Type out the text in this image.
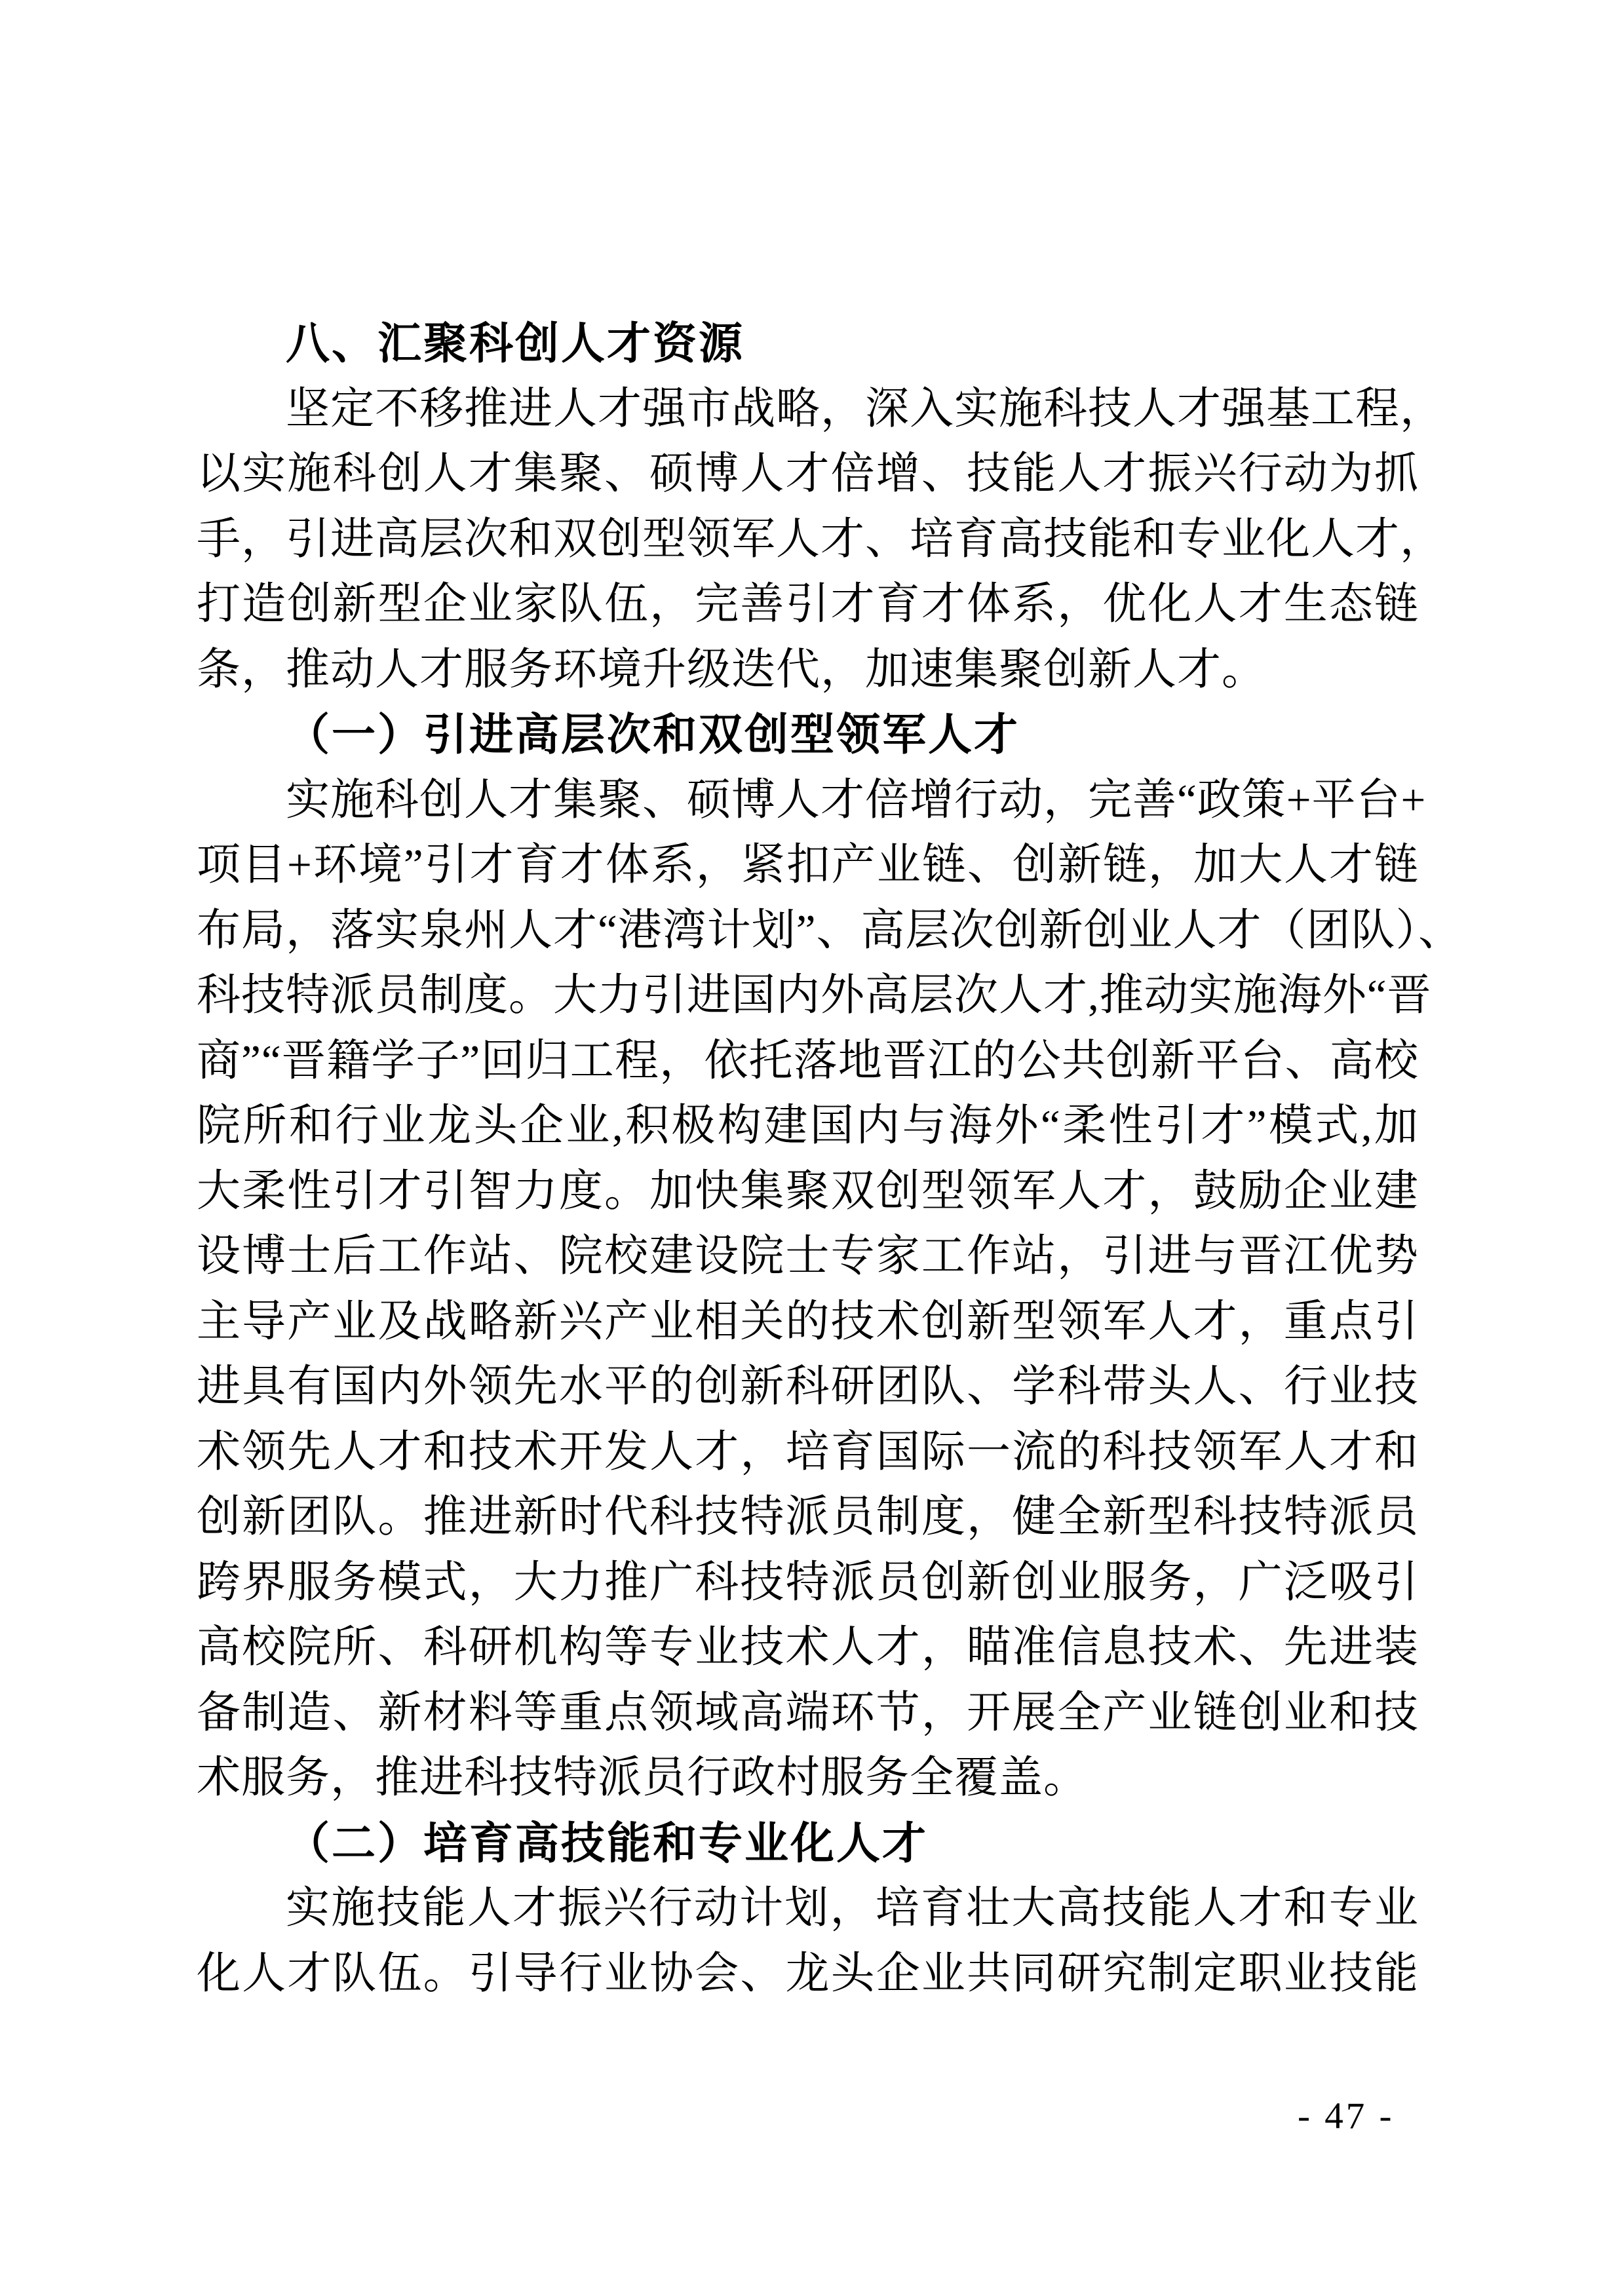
八、汇聚科创人才资源
坚定不移推进人才强市战略，深入实施科技人才强基工程，
以实施科创人才集聚、硕博人才倍增、技能人才振兴行动为抓
手，引进高层次和双创型领军人才、培育高技能和专业化人才，
打造创新型企业家队伍，完善引才育才体系，优化人才生态链
条，推动人才服务环境升级迭代，加速集聚创新人才。
（一）引进高层次和双创型领军人才
实施科创人才集聚、硕博人才倍增行动，完善“政策+平台+
项目+环境”引才育才体系，紧扣产业链、创新链，加大人才链
布局，落实泉州人才“港湾计划”、高层次创新创业人才（团队）、
科技特派员制度。大力引进国内外高层次人才,推动实施海外“晋
商”“晋籍学子”回归工程，依托落地晋江的公共创新平台、高校
院所和行业龙头企业,积极构建国内与海外“柔性引才”模式,加
大柔性引才引智力度。加快集聚双创型领军人才，鼓励企业建
设博士后工作站、院校建设院士专家工作站，引进与晋江优势
主导产业及战略新兴产业相关的技术创新型领军人才，重点引
进具有国内外领先水平的创新科研团队、学科带头人、行业技
术领先人才和技术开发人才，培育国际一流的科技领军人才和
创新团队。推进新时代科技特派员制度，健全新型科技特派员
跨界服务模式，大力推广科技特派员创新创业服务，广泛吸引
高校院所、科研机构等专业技术人才，瞄准信息技术、先进装
备制造、新材料等重点领域高端环节，开展全产业链创业和技
术服务，推进科技特派员行政村服务全覆盖。
（二）培育高技能和专业化人才
实施技能人才振兴行动计划，培育壮大高技能人才和专业
化人才队伍。引导行业协会、龙头企业共同研究制定职业技能
- 47 -
